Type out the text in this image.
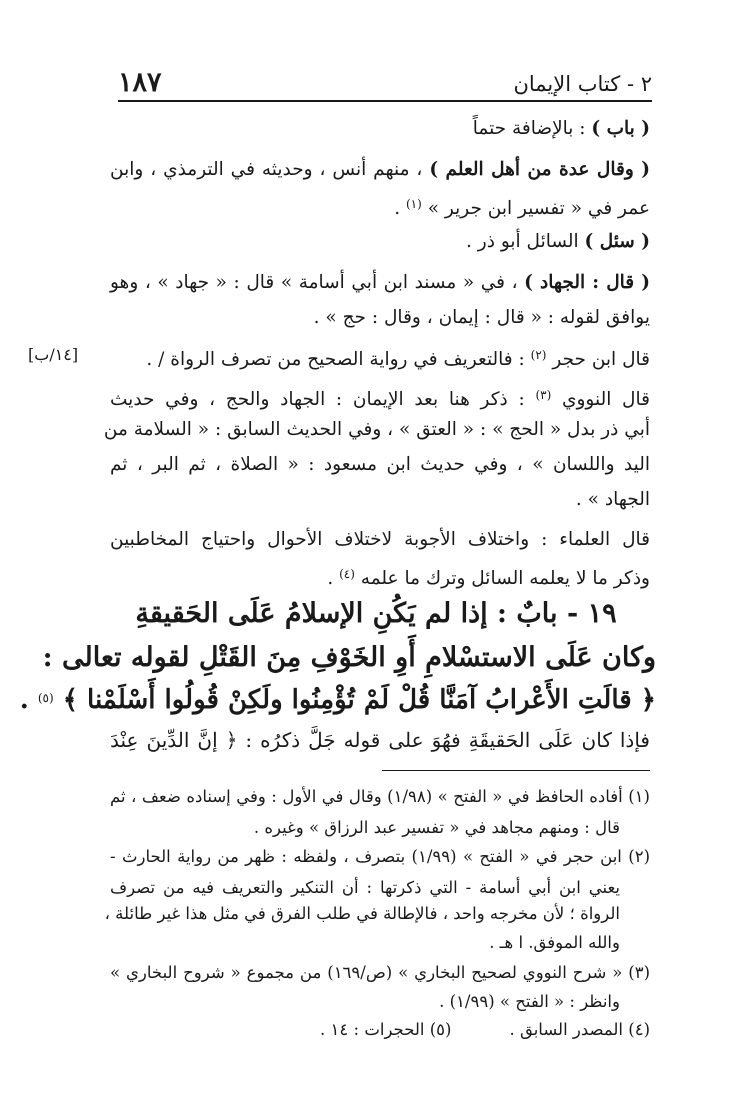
٢ - كتاب الإيمان
١٨٧
[١٤/ب]
( باب ) : بالإضافة حتماً
( وقال عدة من أهل العلم ) ، منهم أنس ، وحديثه في الترمذي ، وابن
عمر في « تفسير ابن جرير » $^{(١)}$ .
( سئل ) السائل أبو ذر .
( قال : الجهاد ) ، في « مسند ابن أبي أسامة » قال : « جهاد » ، وهو
يوافق لقوله : « قال : إيمان ، وقال : حج » .
قال ابن حجر $^{(٢)}$ : فالتعريف في رواية الصحيح من تصرف الرواة / .
قال النووي $^{(٣)}$ : ذكر هنا بعد الإيمان : الجهاد والحج ، وفي حديث
أبي ذر بدل « الحج » : « العتق » ، وفي الحديث السابق : « السلامة من
اليد واللسان » ، وفي حديث ابن مسعود : « الصلاة ، ثم البر ، ثم
الجهاد » .
قال العلماء : واختلاف الأجوبة لاختلاف الأحوال واحتياج المخاطبين
وذكر ما لا يعلمه السائل وترك ما علمه $^{(٤)}$ .
١٩ - بابٌ : إذا لم يَكُنِ الإسلامُ عَلَى الحَقيقةِ
وكان عَلَى الاستسْلامِ أَوِ الخَوْفِ مِنَ القَتْلِ لقوله تعالى :
﴿ قالَتِ الأَعْرابُ آمَنَّا قُلْ لَمْ تُؤْمِنُوا ولَكِنْ قُولُوا أَسْلَمْنا ﴾ $^{(٥)}$ .
فإذا كان عَلَى الحَقيقَةِ فهُوَ على قوله جَلَّ ذكرُه : ﴿ إنَّ الدِّينَ عِنْدَ
(١) أفاده الحافظ في « الفتح » (١/٩٨) وقال في الأول : وفي إسناده ضعف ، ثم
قال : ومنهم مجاهد في « تفسير عبد الرزاق » وغيره .
(٢) ابن حجر في « الفتح » (١/٩٩) بتصرف ، ولفظه : ظهر من رواية الحارث -
يعني ابن أبي أسامة - التي ذكرتها : أن التنكير والتعريف فيه من تصرف
الرواة ؛ لأن مخرجه واحد ، فالإطالة في طلب الفرق في مثل هذا غير طائلة ،
والله الموفق. ا هـ .
(٣) « شرح النووي لصحيح البخاري » (ص/١٦٩) من مجموع « شروح البخاري »
وانظر : « الفتح » (١/٩٩) .
(٤) المصدر السابق .
(٥) الحجرات : ١٤ .
